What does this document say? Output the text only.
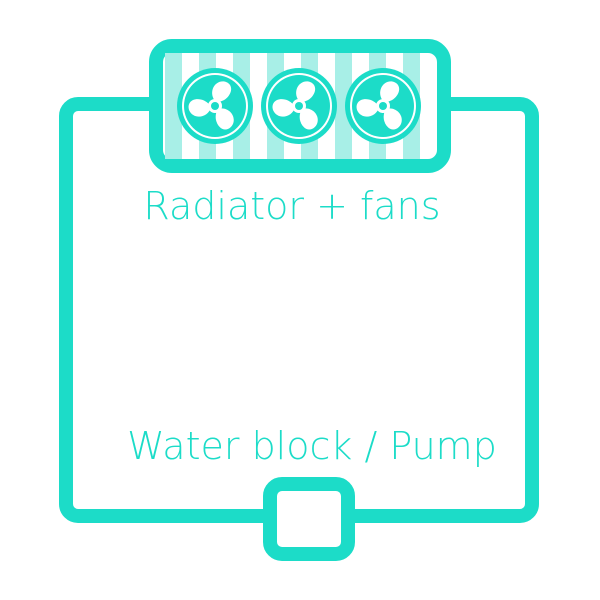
Radiator + fans
Water block / Pump
